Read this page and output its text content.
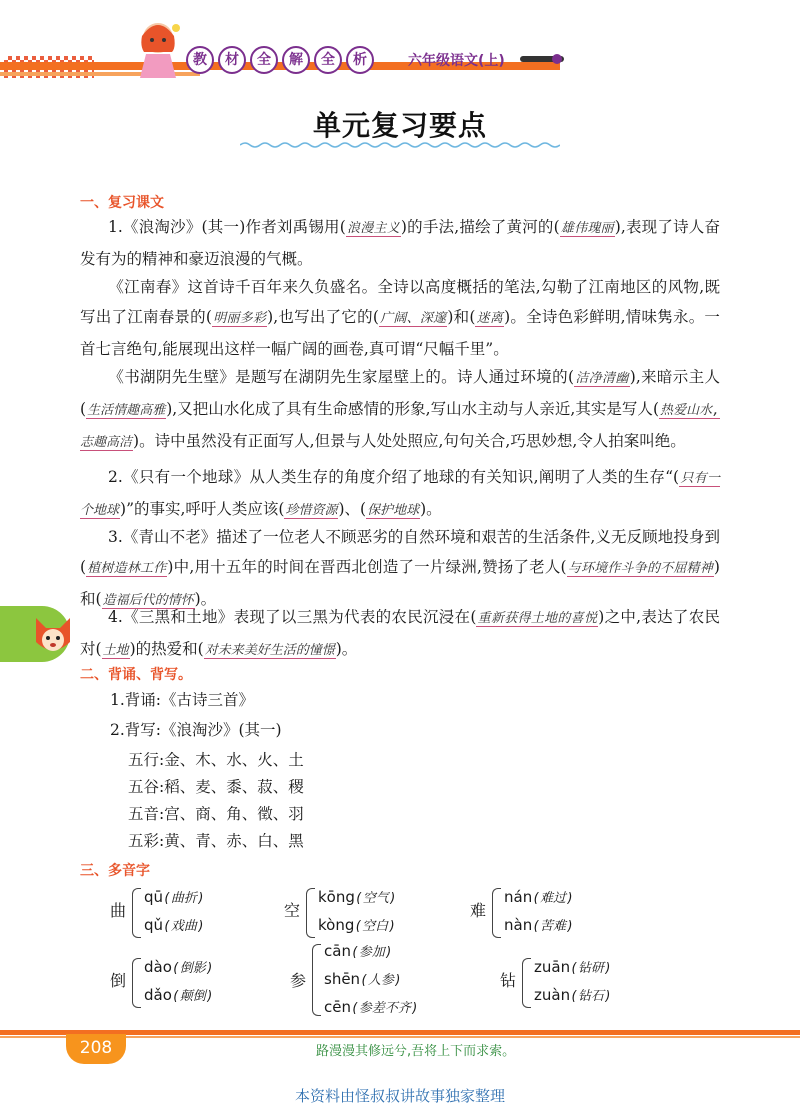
教	材	全	解	全	析	六年级语文(上)
单元复习要点
一、复习课文
1.《浪淘沙》(其一)作者刘禹锡用(浪漫主义)的手法,描绘了黄河的(雄伟瑰丽),表现了诗人奋发有为的精神和豪迈浪漫的气概。
《江南春》这首诗千百年来久负盛名。全诗以高度概括的笔法,勾勒了江南地区的风物,既写出了江南春景的(明丽多彩),也写出了它的(广阔、深邃)和(迷离)。全诗色彩鲜明,情味隽永。一首七言绝句,能展现出这样一幅广阔的画卷,真可谓“尺幅千里”。
《书湖阴先生壁》是题写在湖阴先生家屋壁上的。诗人通过环境的(洁净清幽),来暗示主人(生活情趣高雅),又把山水化成了具有生命感情的形象,写山水主动与人亲近,其实是写人(热爱山水,志趣高洁)。诗中虽然没有正面写人,但景与人处处照应,句句关合,巧思妙想,令人拍案叫绝。
2.《只有一个地球》从人类生存的角度介绍了地球的有关知识,阐明了人类的生存“(只有一个地球)”的事实,呼吁人类应该(珍惜资源)、(保护地球)。
3.《青山不老》描述了一位老人不顾恶劣的自然环境和艰苦的生活条件,义无反顾地投身到(植树造林工作)中,用十五年的时间在晋西北创造了一片绿洲,赞扬了老人(与环境作斗争的不屈精神)和(造福后代的情怀)。
4.《三黑和土地》表现了以三黑为代表的农民沉浸在(重新获得土地的喜悦)之中,表达了农民对(土地)的热爱和(对未来美好生活的憧憬)。
二、背诵、背写。
1.背诵:《古诗三首》
2.背写:《浪淘沙》(其一)
五行:金、木、水、火、土
五谷:稻、麦、黍、菽、稷
五音:宫、商、角、徵、羽
五彩:黄、青、赤、白、黑
三、多音字
曲
qū(曲折)
qǔ(戏曲)
空
kōng(空气)
kòng(空白)
难
nán(难过)
nàn(苦难)
倒
dào(倒影)
dǎo(颠倒)
参
cān(参加)
shēn(人参)
cēn(参差不齐)
钻
zuān(钻研)
zuàn(钻石)
208	路漫漫其修远兮,吾将上下而求索。
本资料由怪叔叔讲故事独家整理
